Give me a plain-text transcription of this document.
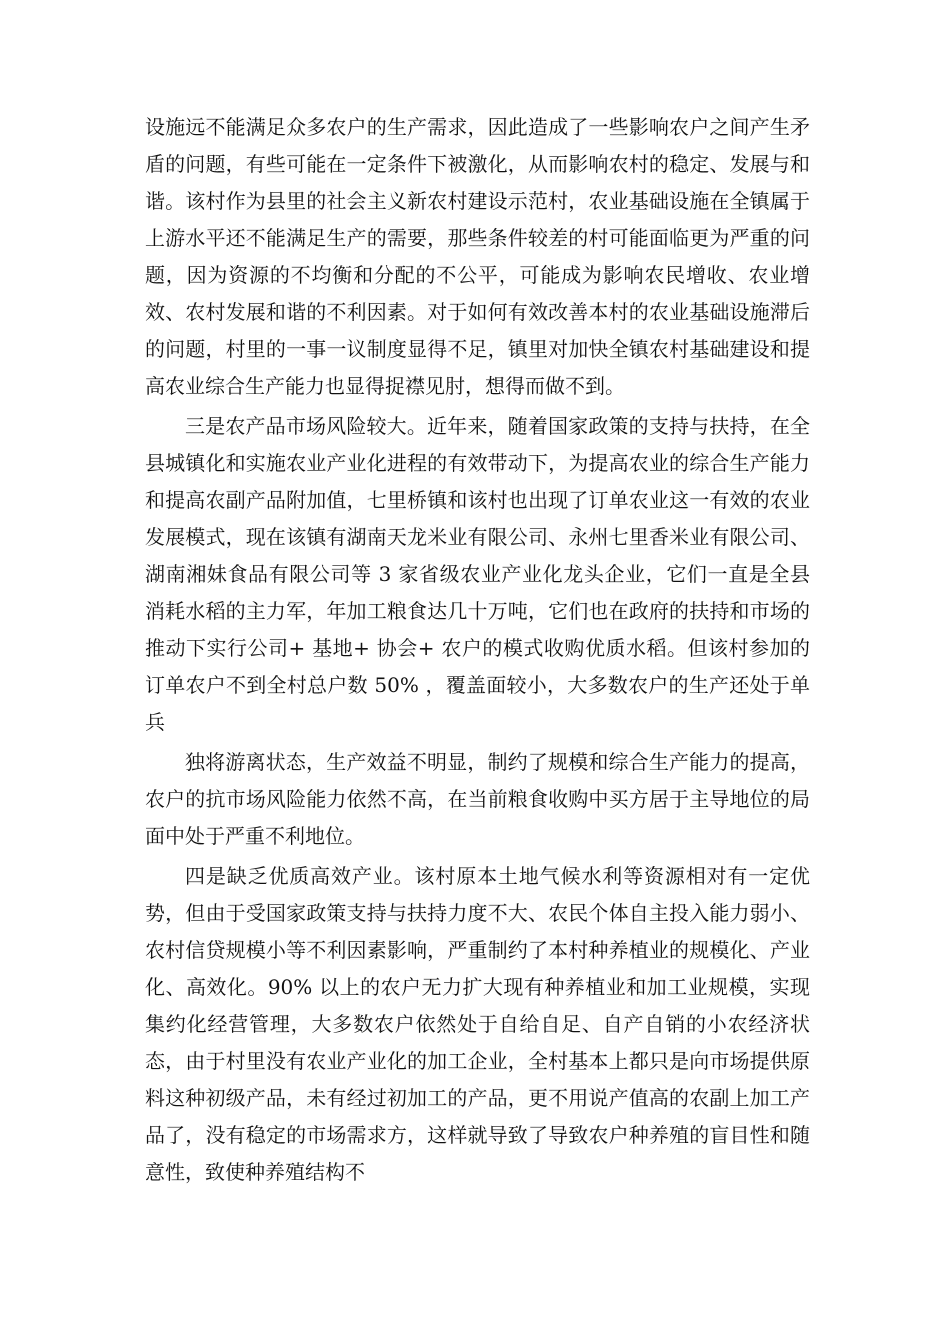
设施远不能满足众多农户的生产需求，因此造成了一些影响农户之间产生矛盾的问题，有些可能在一定条件下被激化，从而影响农村的稳定、发展与和谐。该村作为县里的社会主义新农村建设示范村，农业基础设施在全镇属于上游水平还不能满足生产的需要，那些条件较差的村可能面临更为严重的问题，因为资源的不均衡和分配的不公平，可能成为影响农民增收、农业增效、农村发展和谐的不利因素。对于如何有效改善本村的农业基础设施滞后的问题，村里的一事一议制度显得不足，镇里对加快全镇农村基础建设和提高农业综合生产能力也显得捉襟见肘，想得而做不到。

三是农产品市场风险较大。近年来，随着国家政策的支持与扶持，在全县城镇化和实施农业产业化进程的有效带动下，为提高农业的综合生产能力和提高农副产品附加值，七里桥镇和该村也出现了订单农业这一有效的农业发展模式，现在该镇有湖南天龙米业有限公司、永州七里香米业有限公司、湖南湘妹食品有限公司等 3 家省级农业产业化龙头企业，它们一直是全县消耗水稻的主力军，年加工粮食达几十万吨，它们也在政府的扶持和市场的推动下实行公司+ 基地+ 协会+ 农户的模式收购优质水稻。但该村参加的订单农户不到全村总户数 50% ，覆盖面较小，大多数农户的生产还处于单兵

独将游离状态，生产效益不明显，制约了规模和综合生产能力的提高，农户的抗市场风险能力依然不高，在当前粮食收购中买方居于主导地位的局面中处于严重不利地位。

四是缺乏优质高效产业。该村原本土地气候水利等资源相对有一定优势，但由于受国家政策支持与扶持力度不大、农民个体自主投入能力弱小、农村信贷规模小等不利因素影响，严重制约了本村种养植业的规模化、产业化、高效化。90% 以上的农户无力扩大现有种养植业和加工业规模，实现集约化经营管理，大多数农户依然处于自给自足、自产自销的小农经济状态，由于村里没有农业产业化的加工企业，全村基本上都只是向市场提供原料这种初级产品，未有经过初加工的产品，更不用说产值高的农副上加工产品了，没有稳定的市场需求方，这样就导致了导致农户种养殖的盲目性和随意性，致使种养殖结构不
